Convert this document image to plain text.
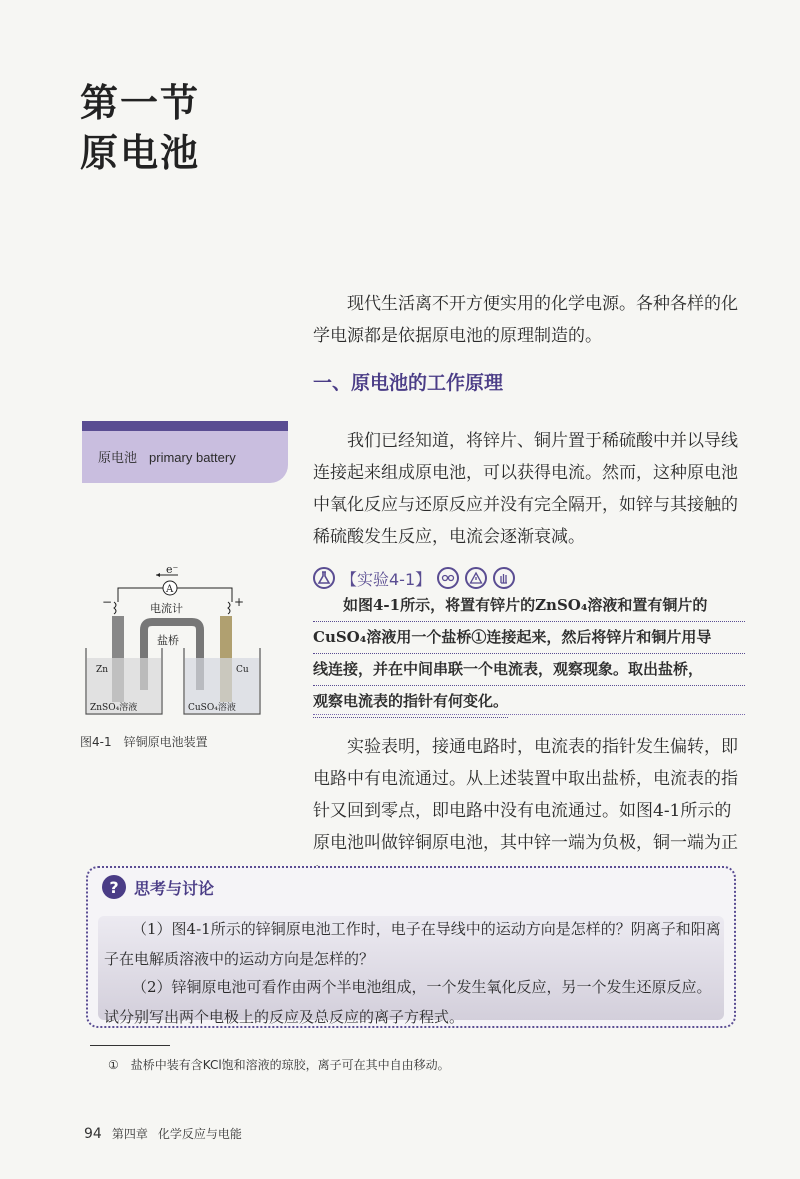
第一节
原电池
现代生活离不开方便实用的化学电源。各种各样的化学电源都是依据原电池的原理制造的。
一、原电池的工作原理
原电池 primary battery
我们已经知道，将锌片、铜片置于稀硫酸中并以导线连接起来组成原电池，可以获得电流。然而，这种原电池中氧化反应与还原反应并没有完全隔开，如锌与其接触的稀硫酸发生反应，电流会逐渐衰减。
【实验4-1】
如图4-1所示，将置有锌片的ZnSO₄溶液和置有铜片的
CuSO₄溶液用一个盐桥①连接起来，然后将锌片和铜片用导
线连接，并在中间串联一个电流表，观察现象。取出盐桥，
观察电流表的指针有何变化。
e⁻
A
−	+
电流计
盐桥
Zn	Cu
ZnSO₄溶液	CuSO₄溶液
图4-1　锌铜原电池装置	实验表明，接通电路时，电流表的指针发生偏转，即电路中有电流通过。从上述装置中取出盐桥，电流表的指针又回到零点，即电路中没有电流通过。如图4-1所示的原电池叫做锌铜原电池，其中锌一端为负极，铜一端为正
? 思考与讨论
（1）图4-1所示的锌铜原电池工作时，电子在导线中的运动方向是怎样的？阴离子和阳离子在电解质溶液中的运动方向是怎样的？
（2）锌铜原电池可看作由两个半电池组成，一个发生氧化反应，另一个发生还原反应。试分别写出两个电极上的反应及总反应的离子方程式。
①　盐桥中装有含KCl饱和溶液的琼胶，离子可在其中自由移动。
94 第四章 化学反应与电能
